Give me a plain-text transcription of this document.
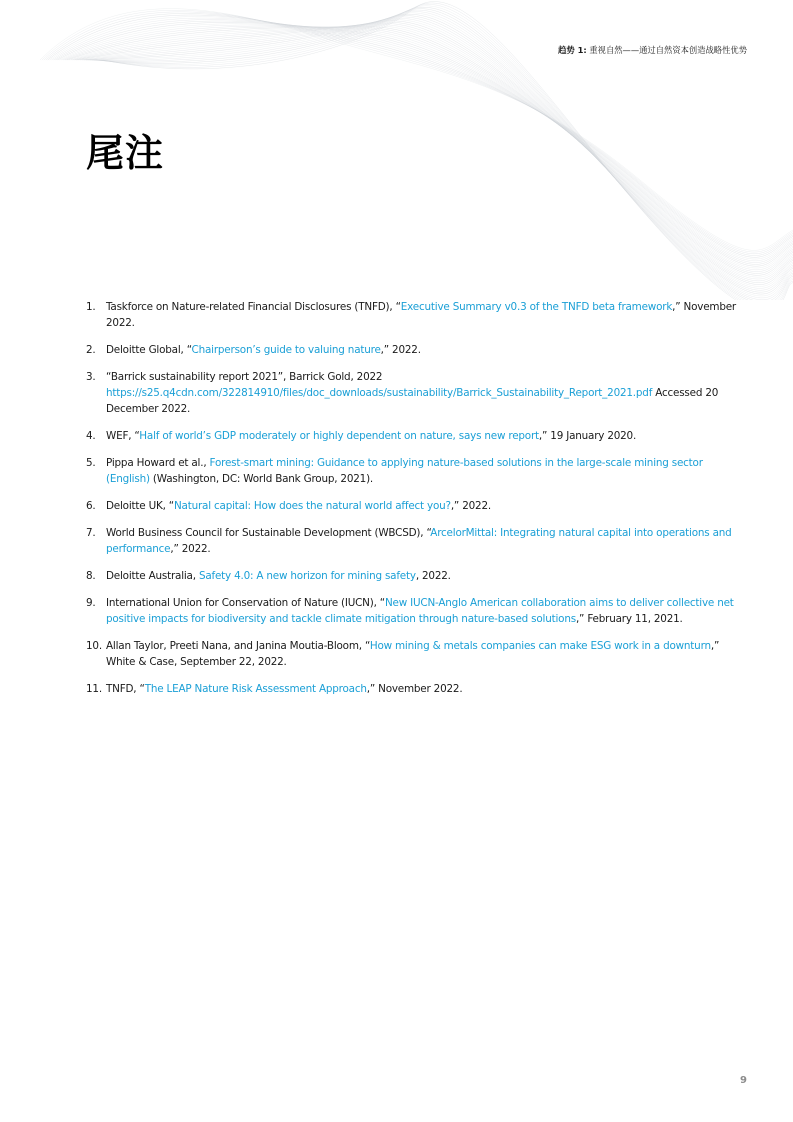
趋势 1: 重视自然——通过自然资本创造战略性优势
尾注
1. Taskforce on Nature-related Financial Disclosures (TNFD), “Executive Summary v0.3 of the TNFD beta framework,” November 2022.
2. Deloitte Global, “Chairperson’s guide to valuing nature,” 2022.
3. “Barrick sustainability report 2021”, Barrick Gold, 2022 https://s25.q4cdn.com/322814910/files/doc_downloads/sustainability/Barrick_Sustainability_Report_2021.pdf Accessed 20 December 2022.
4. WEF, “Half of world’s GDP moderately or highly dependent on nature, says new report,” 19 January 2020.
5. Pippa Howard et al., Forest-smart mining: Guidance to applying nature-based solutions in the large-scale mining sector (English) (Washington, DC: World Bank Group, 2021).
6. Deloitte UK, “Natural capital: How does the natural world affect you?,” 2022.
7. World Business Council for Sustainable Development (WBCSD), “ArcelorMittal: Integrating natural capital into operations and performance,” 2022.
8. Deloitte Australia, Safety 4.0: A new horizon for mining safety, 2022.
9. International Union for Conservation of Nature (IUCN), “New IUCN-Anglo American collaboration aims to deliver collective net positive impacts for biodiversity and tackle climate mitigation through nature-based solutions,” February 11, 2021.
10. Allan Taylor, Preeti Nana, and Janina Moutia-Bloom, “How mining & metals companies can make ESG work in a downturn,” White & Case, September 22, 2022.
11. TNFD, “The LEAP Nature Risk Assessment Approach,” November 2022.
9
